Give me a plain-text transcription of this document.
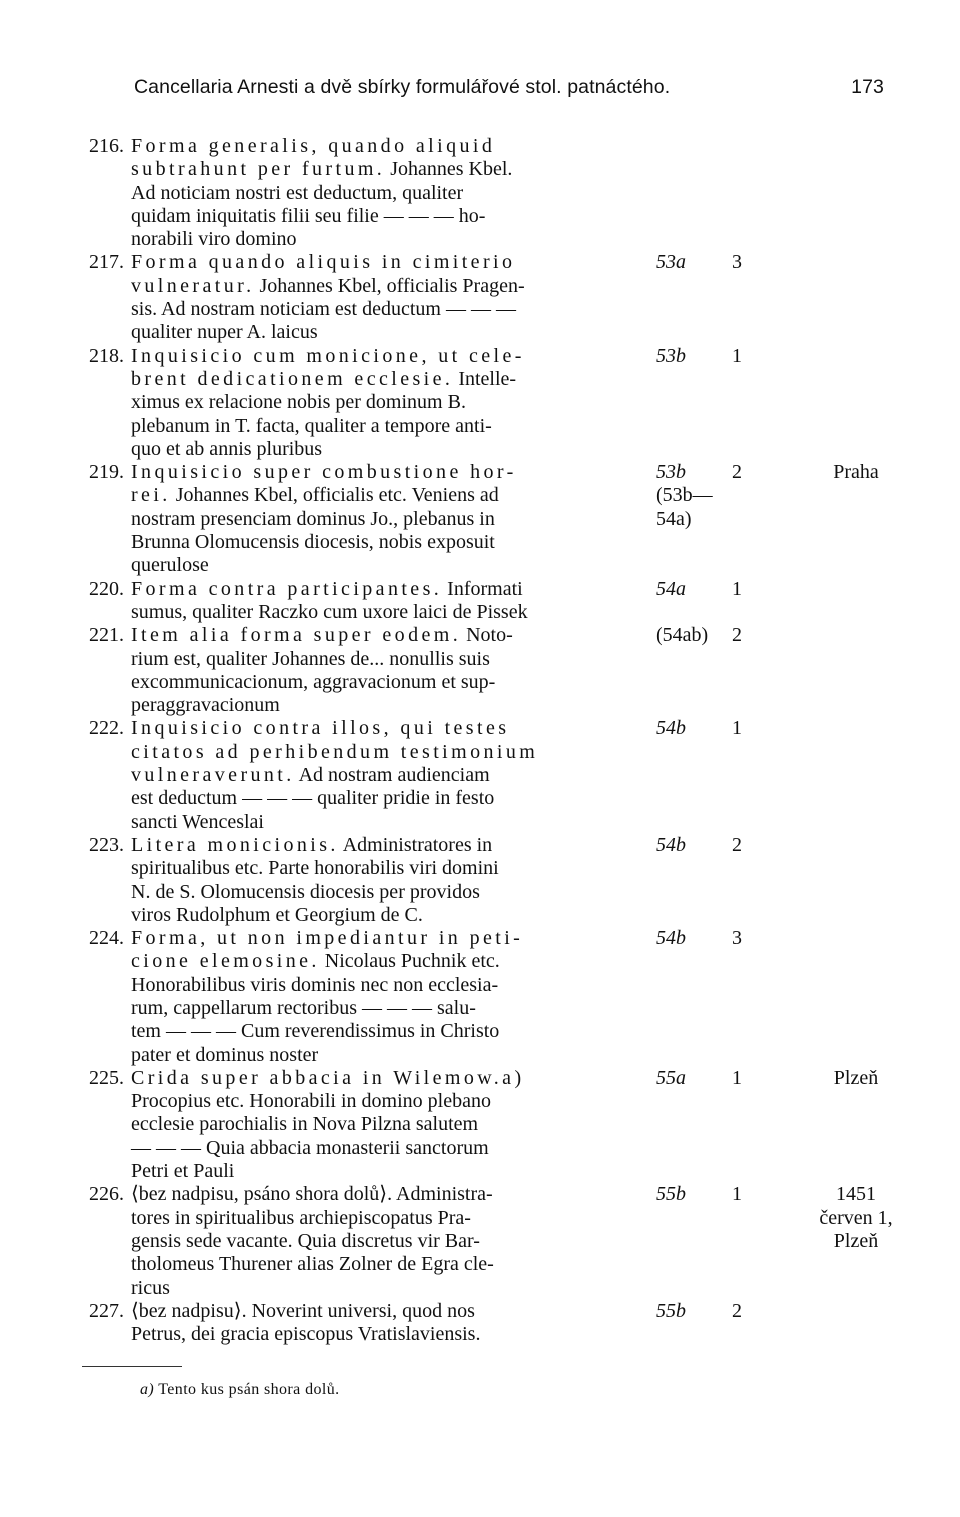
Cancellaria Arnesti a dvě sbírky formulářové stol. patnáctého.	173
216. Forma generalis, quando aliquid
subtrahunt per furtum. Johannes Kbel.
Ad noticiam nostri est deductum, qualiter
quidam iniquitatis filii seu filie — — — ho-
norabili viro domino
217. Forma quando aliquis in cimiterio	53a 3
vulneratur. Johannes Kbel, officialis Pragen-
sis. Ad nostram noticiam est deductum — — —
qualiter nuper A. laicus
218. Inquisicio cum monicione, ut cele-	53b 1
brent dedicationem ecclesie. Intelle-
ximus ex relacione nobis per dominum B.
plebanum in T. facta, qualiter a tempore anti-
quo et ab annis pluribus
219. Inquisicio super combustione hor-	53b 2	Praha
rei. Johannes Kbel, officialis etc. Veniens ad	(53b—
nostram presenciam dominus Jo., plebanus in	54a)
Brunna Olomucensis diocesis, nobis exposuit
querulose
220. Forma contra participantes. Informati	54a 1
sumus, qualiter Raczko cum uxore laici de Pissek
221. Item alia forma super eodem. Noto-	(54ab) 2
rium est, qualiter Johannes de... nonullis suis
excommunicacionum, aggravacionum et sup-
peraggravacionum
222. Inquisicio contra illos, qui testes	54b 1
citatos ad perhibendum testimonium
vulneraverunt. Ad nostram audienciam
est deductum — — — qualiter pridie in festo
sancti Wenceslai
223. Litera monicionis. Administratores in	54b 2
spiritualibus etc. Parte honorabilis viri domini
N. de S. Olomucensis diocesis per providos
viros Rudolphum et Georgium de C.
224. Forma, ut non impediantur in peti-	54b 3
cione elemosine. Nicolaus Puchnik etc.
Honorabilibus viris dominis nec non ecclesia-
rum, cappellarum rectoribus — — — salu-
tem — — — Cum reverendissimus in Christo
pater et dominus noster
225. Crida super abbacia in Wilemow.a)	55a 1	Plzeň
Procopius etc. Honorabili in domino plebano
ecclesie parochialis in Nova Pilzna salutem
— — — Quia abbacia monasterii sanctorum
Petri et Pauli
226. ⟨bez nadpisu, psáno shora dolů⟩. Administra-	55b 1	1451
tores in spiritualibus archiepiscopatus Pra-	červen 1,
gensis sede vacante. Quia discretus vir Bar-	Plzeň
tholomeus Thurener alias Zolner de Egra cle-
ricus
227. ⟨bez nadpisu⟩. Noverint universi, quod nos	55b 2
Petrus, dei gracia episcopus Vratislaviensis.
a) Tento kus psán shora dolů.
